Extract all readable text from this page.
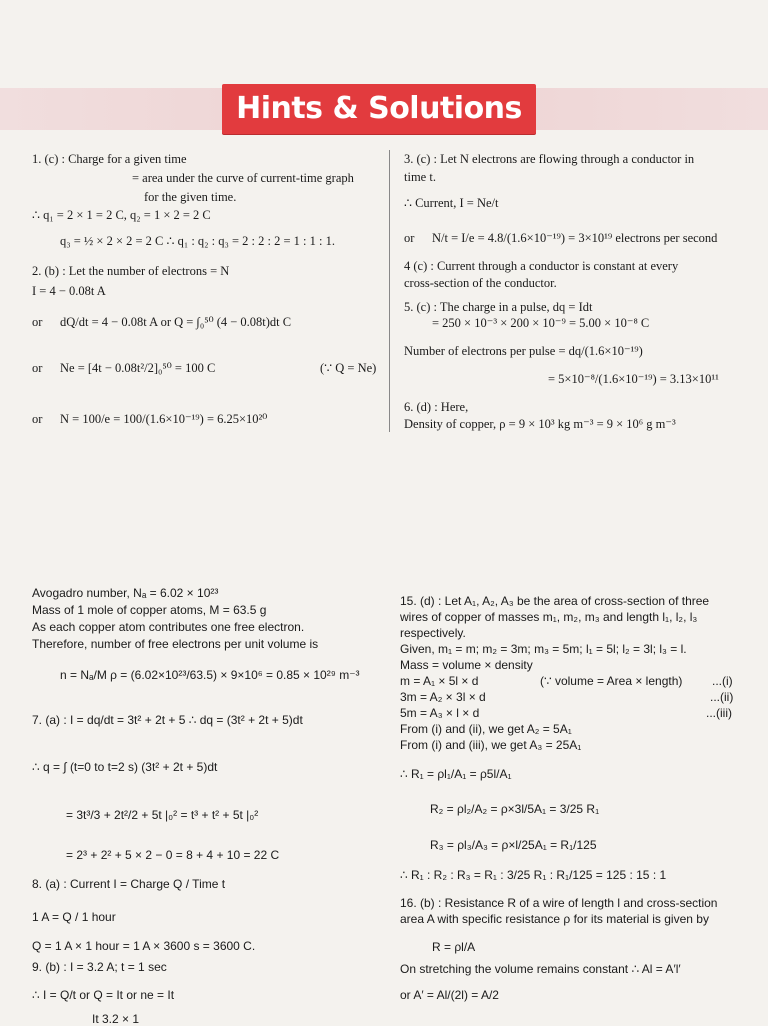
Hints & Solutions
1. (c) : Charge for a given time
= area under the curve of current-time graph
for the given time.
∴ q₁ = 2 × 1 = 2 C, q₂ = 1 × 2 = 2 C
q₃ = ½ × 2 × 2 = 2 C ∴ q₁ : q₂ : q₃ = 2 : 2 : 2 = 1 : 1 : 1.
2. (b) : Let the number of electrons = N
I = 4 − 0.08t A
or dQ/dt = 4 − 0.08t A or Q = ∫₀⁵⁰ (4 − 0.08t)dt C
or Ne = [4t − 0.08t²/2]₀⁵⁰ = 100 C	(∵ Q = Ne)
or N = 100/e = 100/(1.6×10⁻¹⁹) = 6.25×10²⁰
3. (c) : Let N electrons are flowing through a conductor in
time t.
∴ Current, I = Ne/t
or N/t = I/e = 4.8/(1.6×10⁻¹⁹) = 3×10¹⁹ electrons per second
4 (c) : Current through a conductor is constant at every
cross-section of the conductor.
5. (c) : The charge in a pulse, dq = Idt
= 250 × 10⁻³ × 200 × 10⁻⁹ = 5.00 × 10⁻⁸ C
Number of electrons per pulse = dq/(1.6×10⁻¹⁹)
= 5×10⁻⁸/(1.6×10⁻¹⁹) = 3.13×10¹¹
6. (d) : Here,
Density of copper, ρ = 9 × 10³ kg m⁻³ = 9 × 10⁶ g m⁻³
Avogadro number, Nₐ = 6.02 × 10²³
Mass of 1 mole of copper atoms, M = 63.5 g
As each copper atom contributes one free electron.
Therefore, number of free electrons per unit volume is
n = Nₐ/M ρ = (6.02×10²³/63.5) × 9×10⁶ = 0.85 × 10²⁹ m⁻³
7. (a) : I = dq/dt = 3t² + 2t + 5 ∴ dq = (3t² + 2t + 5)dt
∴ q = ∫ (t=0 to t=2 s) (3t² + 2t + 5)dt
= 3t³/3 + 2t²/2 + 5t |₀² = t³ + t² + 5t |₀²
= 2³ + 2² + 5 × 2 − 0 = 8 + 4 + 10 = 22 C
8. (a) : Current I = Charge Q / Time t
1 A = Q / 1 hour
Q = 1 A × 1 hour = 1 A × 3600 s = 3600 C.
9. (b) : I = 3.2 A; t = 1 sec
∴ I = Q/t or Q = It or ne = It
It 3.2 × 1
15. (d) : Let A₁, A₂, A₃ be the area of cross-section of three
wires of copper of masses m₁, m₂, m₃ and length l₁, l₂, l₃
respectively.
Given, m₁ = m; m₂ = 3m; m₃ = 5m; l₁ = 5l; l₂ = 3l; l₃ = l.
Mass = volume × density
m = A₁ × 5l × d	(∵ volume = Area × length) ...(i)
3m = A₂ × 3l × d	...(ii)
5m = A₃ × l × d	...(iii)
From (i) and (ii), we get A₂ = 5A₁
From (i) and (iii), we get A₃ = 25A₁
∴ R₁ = ρl₁/A₁ = ρ5l/A₁
R₂ = ρl₂/A₂ = ρ×3l/5A₁ = 3/25 R₁
R₃ = ρl₃/A₃ = ρ×l/25A₁ = R₁/125
∴ R₁ : R₂ : R₃ = R₁ : 3/25 R₁ : R₁/125 = 125 : 15 : 1
16. (b) : Resistance R of a wire of length l and cross-section
area A with specific resistance ρ for its material is given by
R = ρl/A
On stretching the volume remains constant ∴ Al = A′l′
or A′ = Al/(2l) = A/2
